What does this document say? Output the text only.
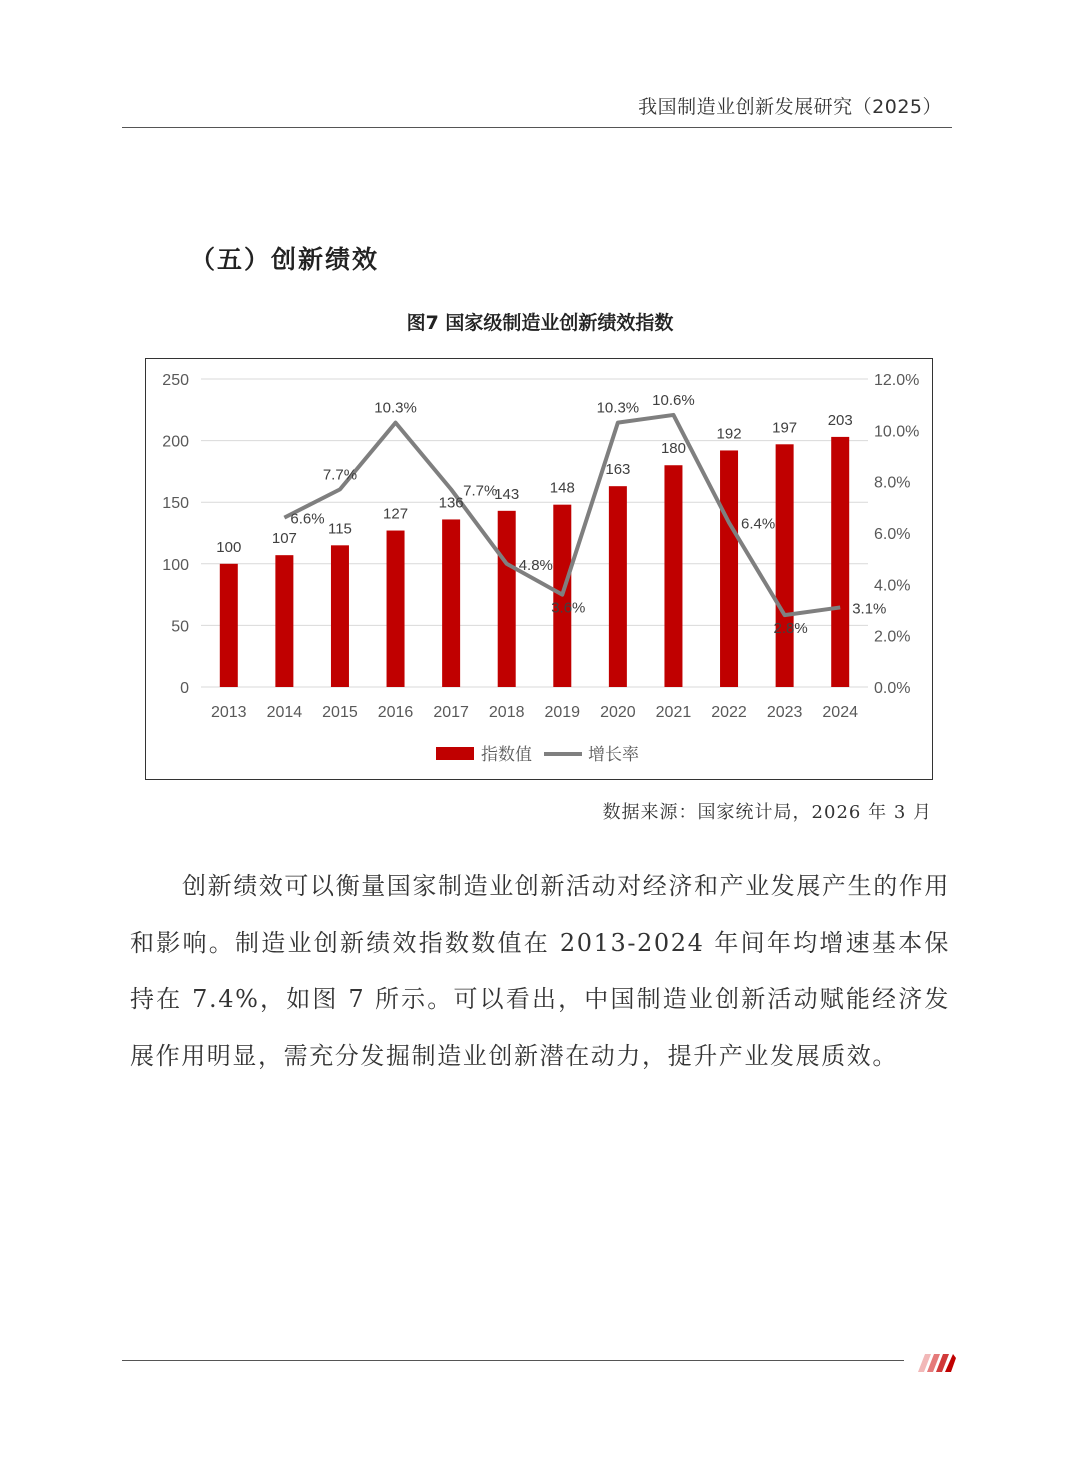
我国制造业创新发展研究（2025）
（五）创新绩效
图7 国家级制造业创新绩效指数
0
50
100
150
200
250
0.0%
2.0%
4.0%
6.0%
8.0%
10.0%
12.0%
2013 2014 2015 2016 2017 2018 2019 2020 2021 2022 2023 2024
100
107
115
127
136
143 148
163
180
192 197 203
6.6%
7.7%
10.3%
7.7%
4.8%
3.6%
10.3% 10.6%
6.4%
2.8%
3.1%
指数值	增长率
数据来源：国家统计局，2026 年 3 月
创新绩效可以衡量国家制造业创新活动对经济和产业发展产生的作用和影响。制造业创新绩效指数数值在 2013-2024 年间年均增速基本保持在 7.4%，如图 7 所示。可以看出，中国制造业创新活动赋能经济发展作用明显，需充分发掘制造业创新潜在动力，提升产业发展质效。
